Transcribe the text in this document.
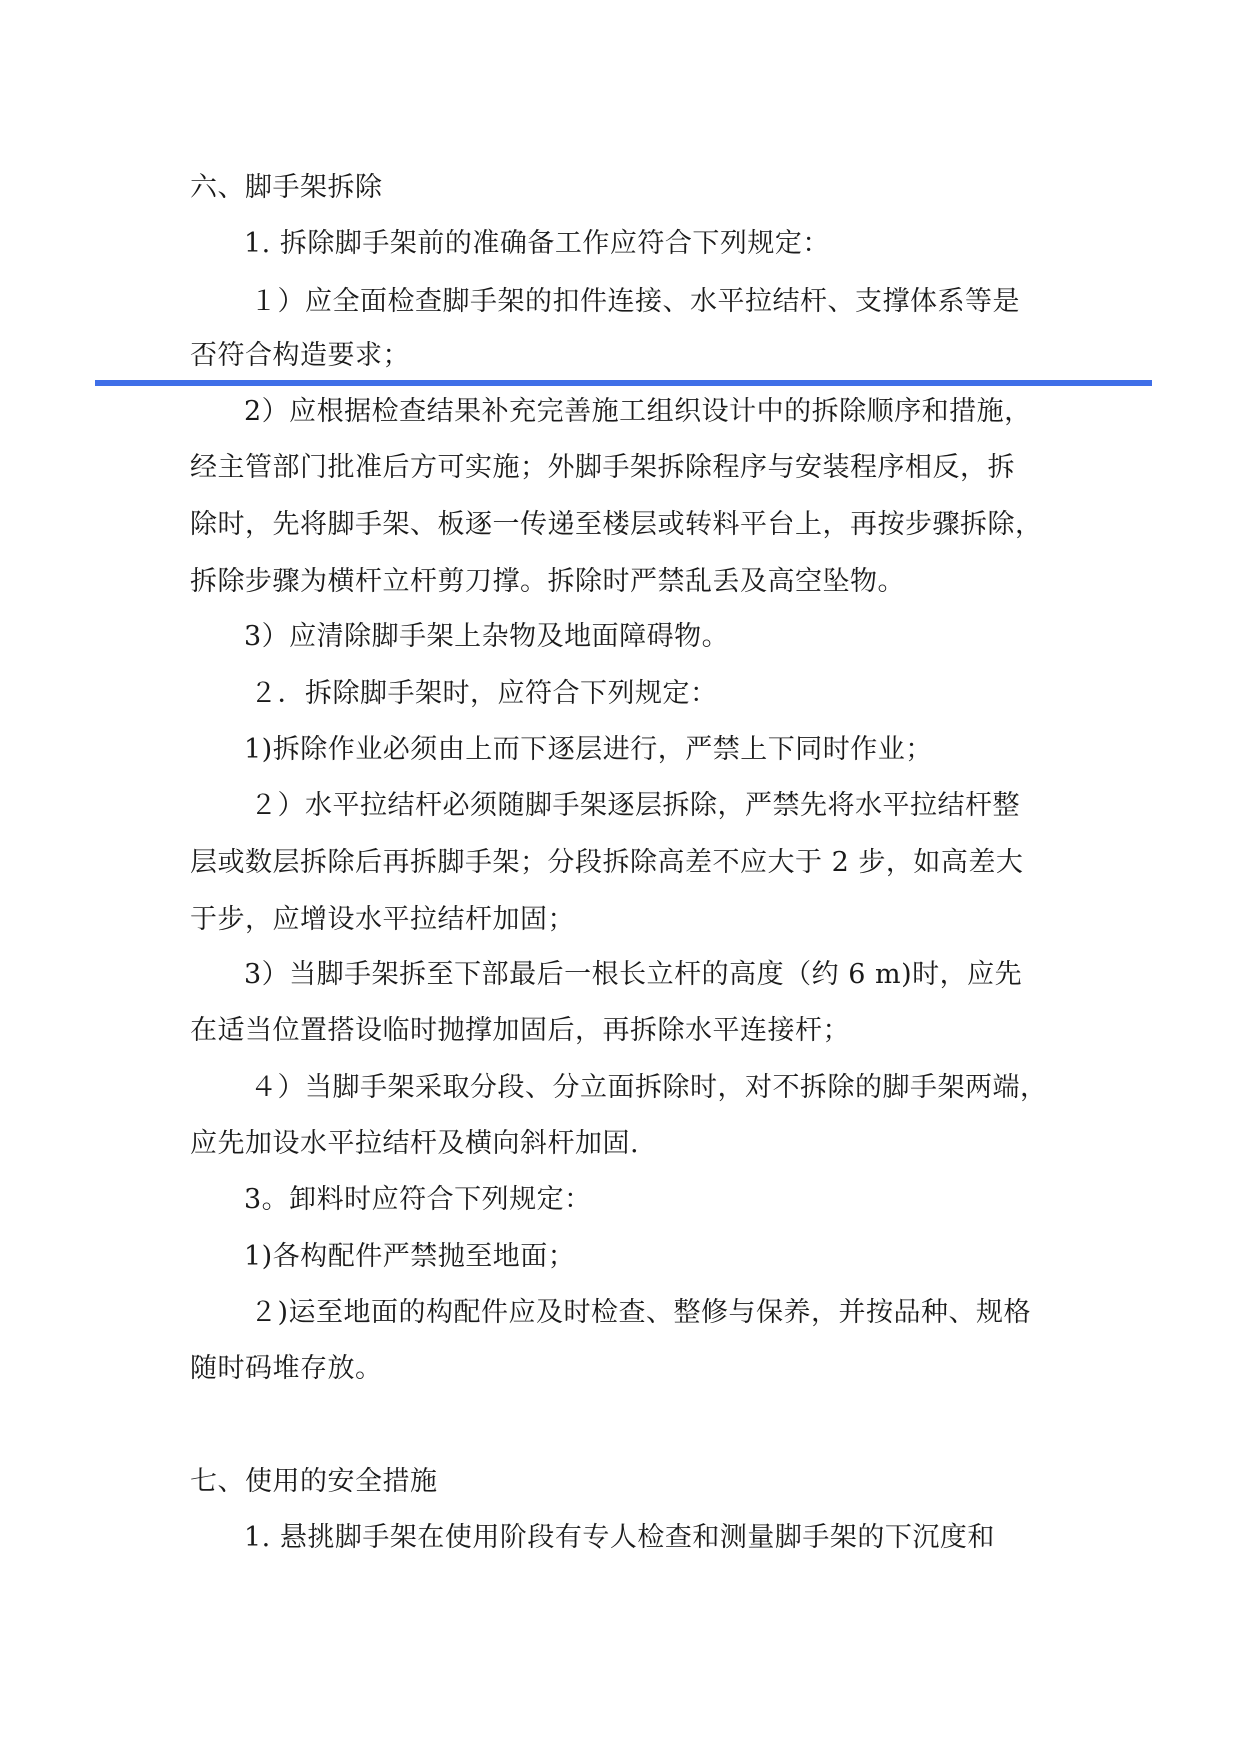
六、脚手架拆除
1. 拆除脚手架前的准确备工作应符合下列规定：
１）应全面检查脚手架的扣件连接、水平拉结杆、支撑体系等是
否符合构造要求；
2）应根据检查结果补充完善施工组织设计中的拆除顺序和措施，
经主管部门批准后方可实施；外脚手架拆除程序与安装程序相反，拆
除时，先将脚手架、板逐一传递至楼层或转料平台上，再按步骤拆除，
拆除步骤为横杆立杆剪刀撑。拆除时严禁乱丢及高空坠物。
3）应清除脚手架上杂物及地面障碍物。
２．拆除脚手架时，应符合下列规定：
1)拆除作业必须由上而下逐层进行，严禁上下同时作业；
２）水平拉结杆必须随脚手架逐层拆除，严禁先将水平拉结杆整
层或数层拆除后再拆脚手架；分段拆除高差不应大于 2 步，如高差大
于步，应增设水平拉结杆加固；
3）当脚手架拆至下部最后一根长立杆的高度（约 6 m)时，应先
在适当位置搭设临时抛撑加固后，再拆除水平连接杆；
４）当脚手架采取分段、分立面拆除时，对不拆除的脚手架两端，
应先加设水平拉结杆及横向斜杆加固.
3。卸料时应符合下列规定：
1)各构配件严禁抛至地面；
２)运至地面的构配件应及时检查、整修与保养，并按品种、规格
随时码堆存放。
七、使用的安全措施
1. 悬挑脚手架在使用阶段有专人检查和测量脚手架的下沉度和
